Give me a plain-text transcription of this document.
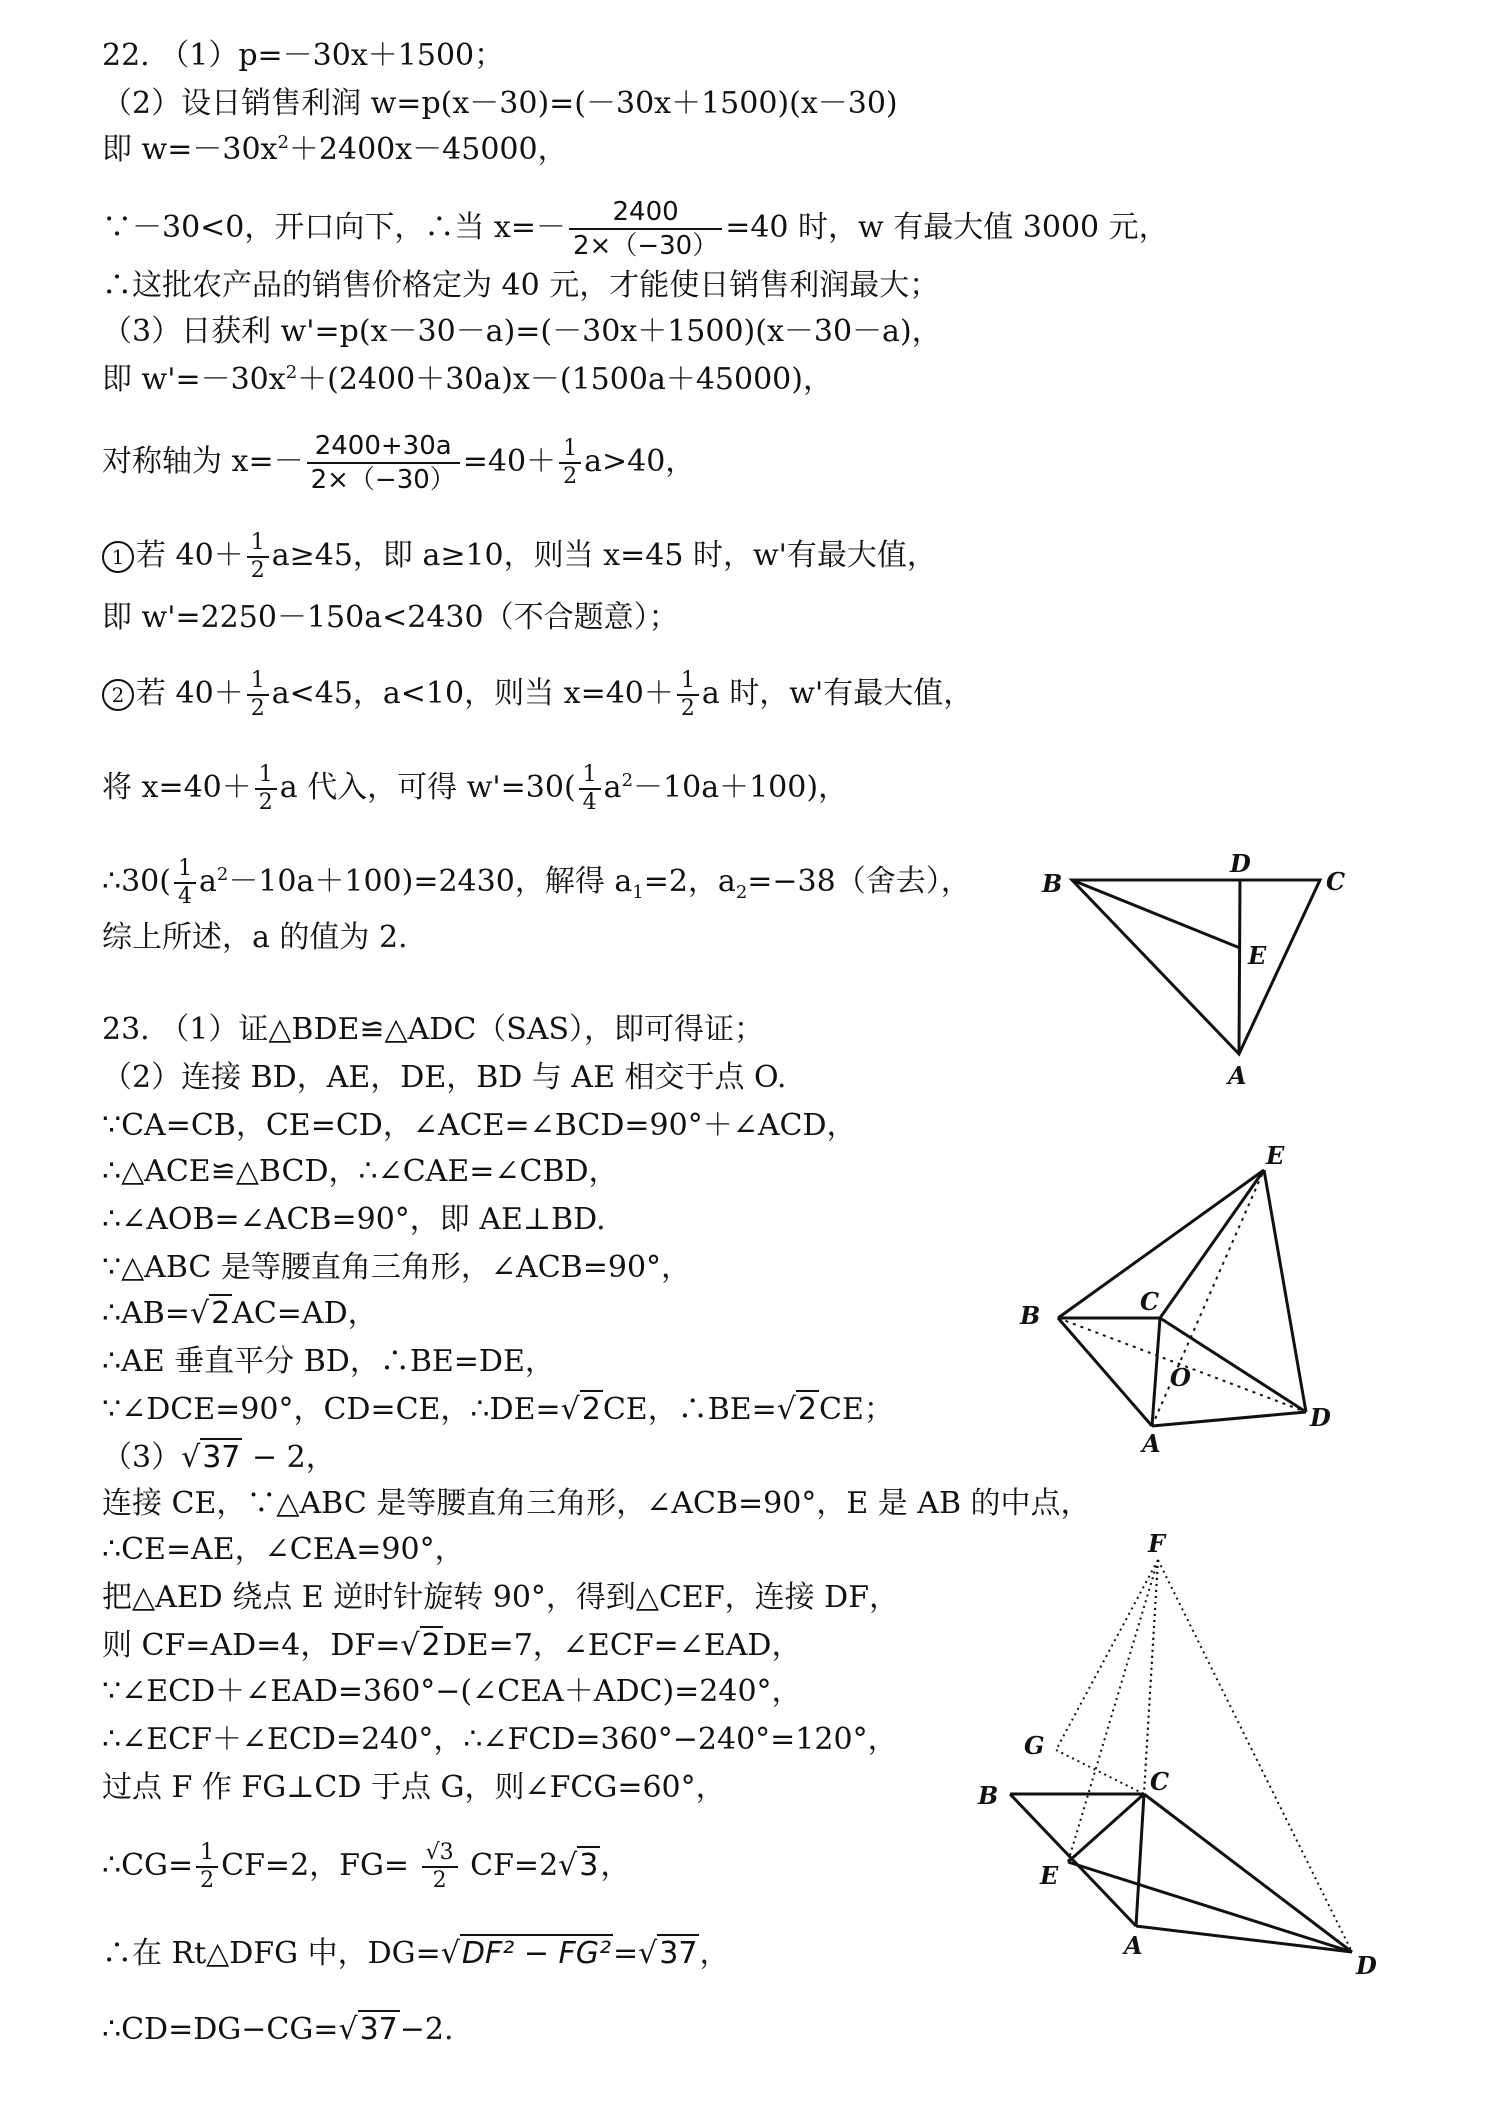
22. （1）p=－30x＋1500；
（2）设日销售利润 w=p(x－30)=(－30x＋1500)(x－30)
即 $w=-30x^2+2400x-45000$，
∵－30<0，开口向下，∴当 $x=- \frac{2400}{2\times(-30)} =40$ 时，w 有最大值 3000 元，
∴这批农产品的销售价格定为 40 元，才能使日销售利润最大；
（3）日获利 w'=p(x－30－a)=(－30x＋1500)(x－30－a)，
即 $w'=-30x^2+(2400+30a)x-(1500a+45000)$，
对称轴为 $x=- \frac{2400+30a}{2\times(-30)} =40+ \frac{1}{2} a>40$，
1 若 $40+ \frac{1}{2} a\ge 45$，即 a≥10，则当 x=45 时，w'有最大值，
即 w'=2250－150a<2430（不合题意）；
2 若 $40+ \frac{1}{2} a<45$，a<10，则当 $x=40+ \frac{1}{2}$ a 时，w'有最大值，
将 $x=40+ \frac{1}{2}$ a 代入，可得 $w'=30( \frac{1}{4} a^2-10a+100)$，
∴30( $\frac{1}{4} a^2-10a+100)=2430$，解得 $a_1=2$，$a_2=-38$（舍去），
综上所述，a 的值为 2.
23. （1）证△BDE≌△ADC（SAS），即可得证；
（2）连接 BD，AE，DE，BD 与 AE 相交于点 O.
∵CA=CB，CE=CD，∠ACE=∠BCD=90°＋∠ACD，
∴△ACE≌△BCD，∴∠CAE=∠CBD，
∴∠AOB=∠ACB=90°，即 AE⊥BD.
∵△ABC 是等腰直角三角形，∠ACB=90°，
∴AB=√2AC=AD，
∴AE 垂直平分 BD，∴BE=DE，
∵∠DCE=90°，CD=CE，∴DE=√2CE，∴BE=√2CE；
（3）√37 − 2，
连接 CE，∵△ABC 是等腰直角三角形，∠ACB=90°，E 是 AB 的中点，
∴CE=AE，∠CEA=90°，
把△AED 绕点 E 逆时针旋转 90°，得到△CEF，连接 DF，
则 CF=AD=4，DF=√2DE=7，∠ECF=∠EAD，
∵∠ECD＋∠EAD=360°−(∠CEA＋ADC)=240°，
∴∠ECF＋∠ECD=240°，∴∠FCD=360°−240°=120°，
过点 F 作 FG⊥CD 于点 G，则∠FCG=60°，
∴CG= $\frac{1}{2} CF=2$，$FG= \frac{√3}{2} CF=2√3$，
∴在 Rt△DFG 中，DG=√DF² − FG²=√37，
∴CD=DG−CG=√37−2.
B
D
C
E
A
E
C
B
O
A
D
F
G
C
B
E
A
D
